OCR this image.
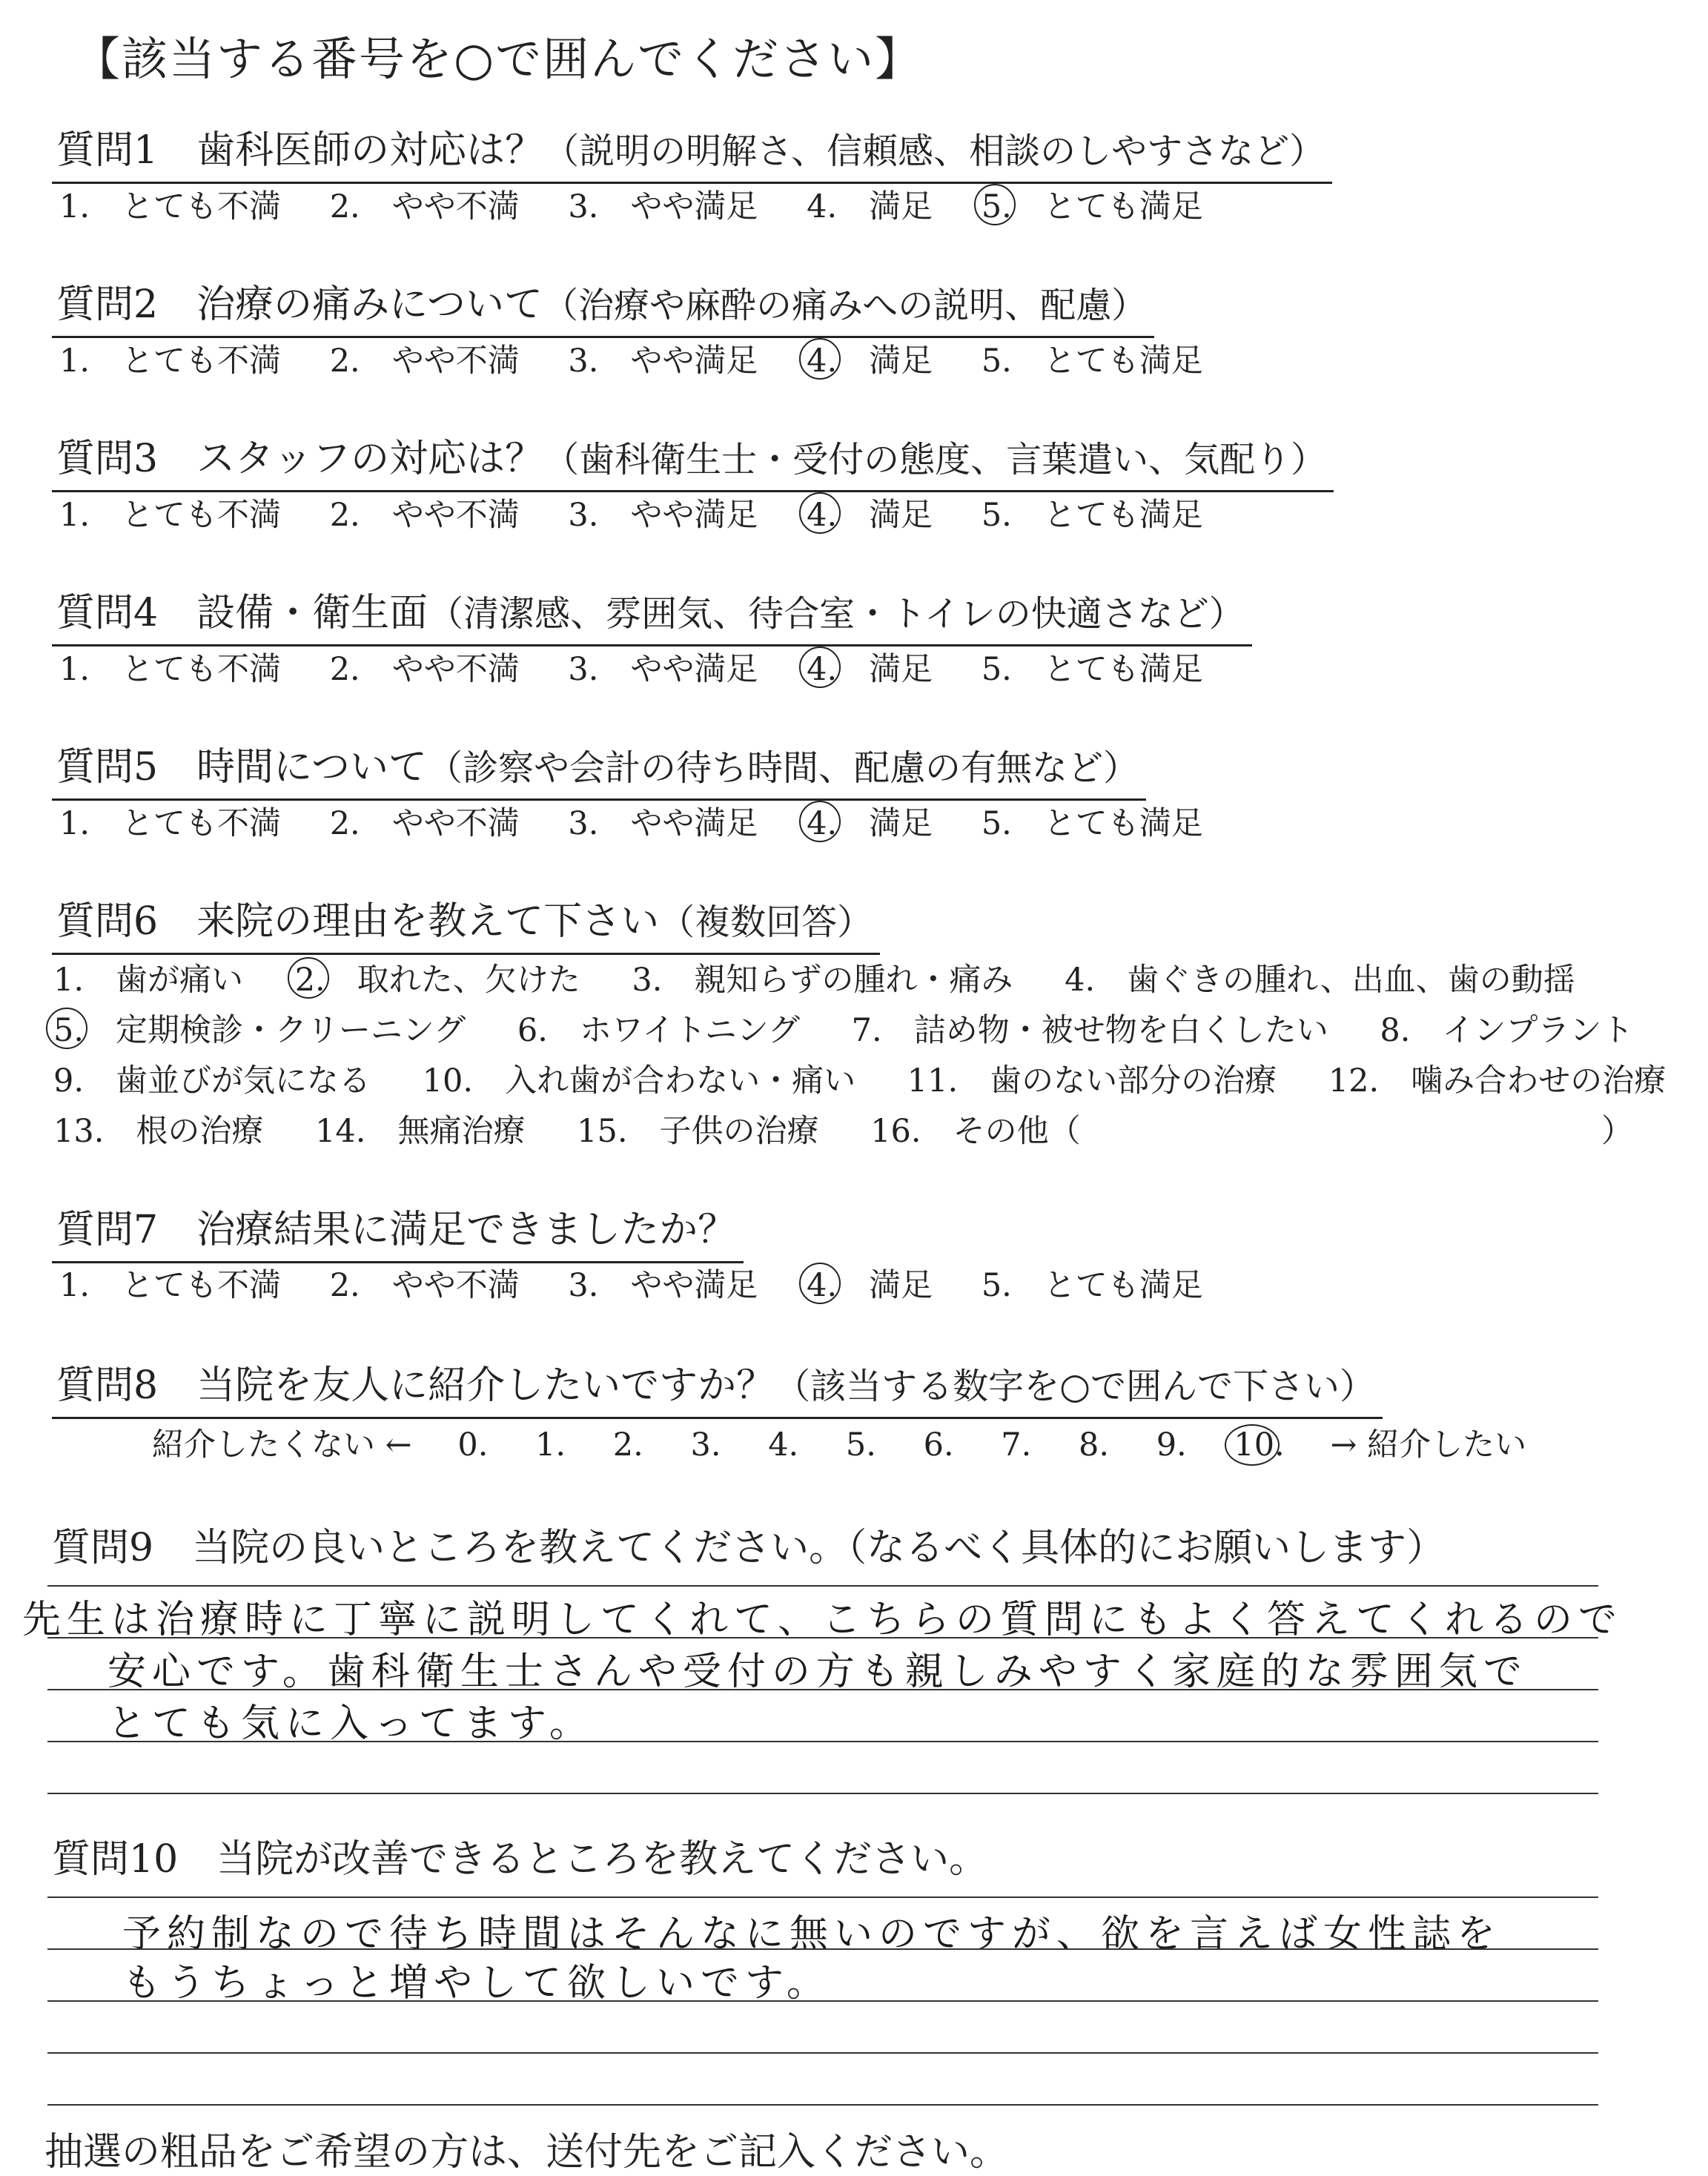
【該当する番号を○で囲んでください】
質問1　歯科医師の対応は？（説明の明解さ、信頼感、相談のしやすさなど）
1.　とても不満 2.　やや不満 3.　やや満足 4.　満足 5.　とても満足
質問2　治療の痛みについて（治療や麻酔の痛みへの説明、配慮）
1.　とても不満 2.　やや不満 3.　やや満足 4.　満足 5.　とても満足
質問3　スタッフの対応は？（歯科衛生士・受付の態度、言葉遣い、気配り）
1.　とても不満 2.　やや不満 3.　やや満足 4.　満足 5.　とても満足
質問4　設備・衛生面（清潔感、雰囲気、待合室・トイレの快適さなど）
1.　とても不満 2.　やや不満 3.　やや満足 4.　満足 5.　とても満足
質問5　時間について（診察や会計の待ち時間、配慮の有無など）
1.　とても不満 2.　やや不満 3.　やや満足 4.　満足 5.　とても満足
質問6　来院の理由を教えて下さい（複数回答）
1.　歯が痛い 2.　取れた、欠けた 3.　親知らずの腫れ・痛み 4.　歯ぐきの腫れ、出血、歯の動揺
5.　定期検診・クリーニング 6.　ホワイトニング 7.　詰め物・被せ物を白くしたい 8.　インプラント
9.　歯並びが気になる 10.　入れ歯が合わない・痛い 11.　歯のない部分の治療 12.　噛み合わせの治療
13.　根の治療 14.　無痛治療 15.　子供の治療 16.　その他（	）
質問7　治療結果に満足できましたか？
1.　とても不満 2.　やや不満 3.　やや満足 4.　満足 5.　とても満足
質問8　当院を友人に紹介したいですか？（該当する数字を○で囲んで下さい）
紹介したくない ← 0. 1. 2. 3. 4. 5. 6. 7. 8. 9. 10. → 紹介したい
質問9　当院の良いところを教えてください。（なるべく具体的にお願いします）
先生は治療時に丁寧に説明してくれて、こちらの質問にもよく答えてくれるので
安心です。歯科衛生士さんや受付の方も親しみやすく家庭的な雰囲気で
とても気に入ってます。
質問10　当院が改善できるところを教えてください。
予約制なので待ち時間はそんなに無いのですが、欲を言えば女性誌を
もうちょっと増やして欲しいです。
抽選の粗品をご希望の方は、送付先をご記入ください。
